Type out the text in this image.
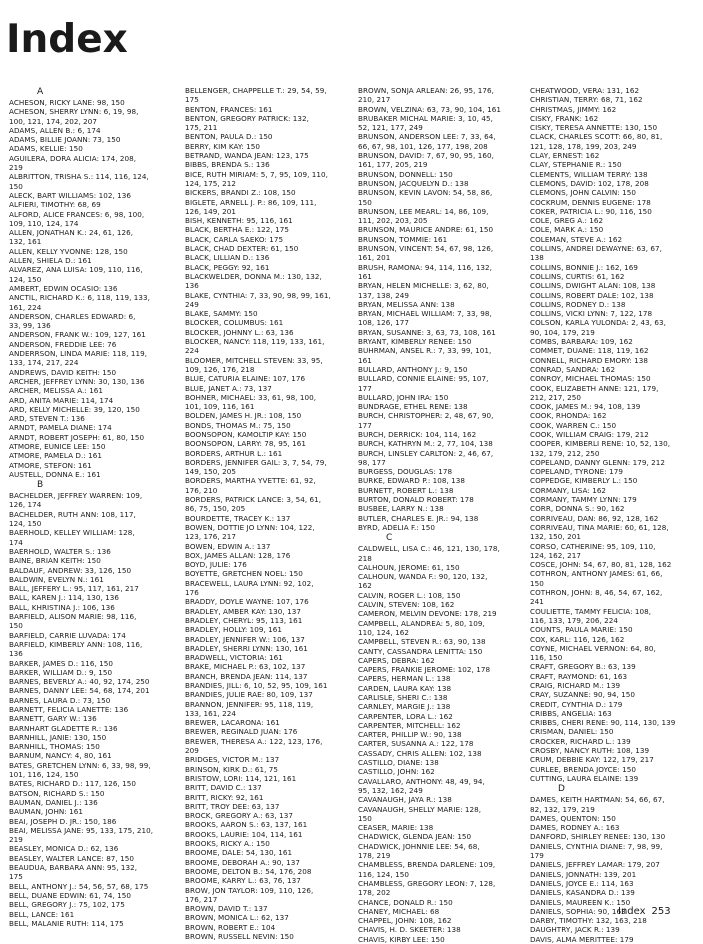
Index
A
ACHESON, RICKY LANE: 98, 150
ACHESON, SHERRY LYNN: 6, 19, 98,
100, 121, 174, 202, 207
ADAMS, ALLEN B.: 6, 174
ADAMS, BILLIE JOANN: 73, 150
ADAMS, KELLIE: 150
AGUILERA, DORA ALICIA: 174, 208,
219
ALBRITTON, TRISHA S.: 114, 116, 124,
150
ALECK, BART WILLIAMS: 102, 136
ALFIERI, TIMOTHY: 68, 69
ALFORD, ALICE FRANCES: 6, 98, 100,
109, 110, 124, 174
ALLEN, JONATHAN K.: 24, 61, 126,
132, 161
ALLEN, KELLY YVONNE: 128, 150
ALLEN, SHIELA D.: 161
ALVAREZ, ANA LUISA: 109, 110, 116,
124, 150
AMBERT, EDWIN OCASIO: 136
ANCTIL, RICHARD K.: 6, 118, 119, 133,
161, 224
ANDERSON, CHARLES EDWARD: 6,
33, 99, 136
ANDERSON, FRANK W.: 109, 127, 161
ANDERSON, FREDDIE LEE: 76
ANDERRSON, LINDA MARIE: 118, 119,
133, 174, 217, 224
ANDREWS, DAVID KEITH: 150
ARCHER, JEFFREY LYNN: 30, 130, 136
ARCHER, MELISSA A.: 161
ARD, ANITA MARIE: 114, 174
ARD, KELLY MICHELLE: 39, 120, 150
ARD, STEVEN T.: 136
ARNDT, PAMELA DIANE: 174
ARNDT, ROBERT JOSEPH: 61, 80, 150
ATMORE, EUNICE LEE: 150
ATMORE, PAMELA D.: 161
ATMORE, STEFON: 161
AUSTELL, DONNA E.: 161
B
BACHELDER, JEFFREY WARREN: 109,
126, 174
BACHELDER, RUTH ANN: 108, 117,
124, 150
BAERHOLD, KELLEY WILLIAM: 128,
174
BAERHOLD, WALTER S.: 136
BAINE, BRIAN KEITH: 150
BALDAUF, ANDREW: 33, 126, 150
BALDWIN, EVELYN N.: 161
BALL, JEFFERY L.: 95, 117, 161, 217
BALL, KAREN J.: 114, 130, 136
BALL, KHRISTINA J.: 106, 136
BARFIELD, ALISON MARIE: 98, 116,
150
BARFIELD, CARRIE LUVADA: 174
BARFIELD, KIMBERLY ANN: 108, 116,
136
BARKER, JAMES D.: 116, 150
BARKER, WILLIAM D.: 9, 150
BARNES, BEVERLY A.: 40, 92, 174, 250
BARNES, DANNY LEE: 54, 68, 174, 201
BARNES, LAURA D.: 73, 150
BARNETT, FELICIA LANETTE: 136
BARNETT, GARY W.: 136
BARNHART GLADETTE R.: 136
BARNHILL, JANIE: 130, 150
BARNHILL, THOMAS: 150
BARNUM, NANCY: 4, 80, 161
BATES, GRETCHEN LYNN: 6, 33, 98, 99,
101, 116, 124, 150
BATES, RICHARD D.: 117, 126, 150
BATSON, RICHARD S.: 150
BAUMAN, DANIEL J.: 136
BAUMAN, JOHN: 161
BEAI, JOSEPH D. JR.: 150, 186
BEAI, MELISSA JANE: 95, 133, 175, 210,
219
BEASLEY, MONICA D.: 62, 136
BEASLEY, WALTER LANCE: 87, 150
BEAUDUA, BARBARA ANN: 95, 132,
175
BELL, ANTHONY J.: 54, 56, 57, 68, 175
BELL, DUANE EDWIN: 61, 74, 150
BELL, GREGORY J.: 75, 102, 175
BELL, LANCE: 161
BELL, MALANIE RUTH: 114, 175
BELLENGER, CHAPPELLE T.: 29, 54, 59,
175
BENTON, FRANCES: 161
BENTON, GREGORY PATRICK: 132,
175, 211
BENTON, PAULA D.: 150
BERRY, KIM KAY: 150
BETRAND, WANDA JEAN: 123, 175
BIBBS, BRENDA S.: 136
BICE, RUTH MIRIAM: 5, 7, 95, 109, 110,
124, 175, 212
BICKERS, BRANDI Z.: 108, 150
BIGLETE, ARNELL J. P.: 86, 109, 111,
126, 149, 201
BISH, KENNETH: 95, 116, 161
BLACK, BERTHA E.: 122, 175
BLACK, CARLA SAEKO: 175
BLACK, CHAD DEXTER: 61, 150
BLACK, LILLIAN D.: 136
BLACK, PEGGY: 92, 161
BLACKWELDER, DONNA M.: 130, 132,
136
BLAKE, CYNTHIA: 7, 33, 90, 98, 99, 161,
249
BLAKE, SAMMY: 150
BLOCKER, COLUMBUS: 161
BLOCKER, JOHNNY L.: 63, 136
BLOCKER, NANCY: 118, 119, 133, 161,
224
BLOOMER, MITCHELL STEVEN: 33, 95,
109, 126, 176, 218
BLUE, CATURIA ELAINE: 107, 176
BLUE, JANET A.: 73, 137
BOHNER, MICHAEL: 33, 61, 98, 100,
101, 109, 116, 161
BOLDEN, JAMES H. JR.: 108, 150
BONDS, THOMAS M.: 75, 150
BOONSOPON, KAMOLTIP KAY: 150
BOONSOPON, LARRY: 78, 95, 161
BORDERS, ARTHUR L.: 161
BORDERS, JENNIFER GAIL: 3, 7, 54, 79,
149, 150, 205
BORDERS, MARTHA YVETTE: 61, 92,
176, 210
BORDERS, PATRICK LANCE: 3, 54, 61,
86, 75, 150, 205
BOURDETTE, TRACEY K.: 137
BOWEN, DOTTIE JO LYNN: 104, 122,
123, 176, 217
BOWEN, EDWIN A.: 137
BOX, JAMES ALLAN: 128, 176
BOYD, JULIE: 176
BOYETTE, GRETCHEN NOEL: 150
BRACEWELL, LAURA LYNN: 92, 102,
176
BRADDY, DOYLE WAYNE: 107, 176
BRADLEY, AMBER KAY: 130, 137
BRADLEY, CHERYL: 95, 113, 161
BRADLEY, HOLLY: 109, 161
BRADLEY, JENNIFER W.: 106, 137
BRADLEY, SHERRI LYNN: 130, 161
BRADWELL, VICTORIA: 161
BRAKE, MICHAEL P.: 63, 102, 137
BRANCH, BRENDA JEAN: 114, 137
BRANDIES, JILL: 6, 10, 52, 95, 109, 161
BRANDIES, JULIE RAE: 80, 109, 137
BRANNON, JENNIFER: 95, 118, 119,
133, 161, 224
BREWER, LACARONA: 161
BREWER, REGINALD JUAN: 176
BREWER, THERESA A.: 122, 123, 176,
209
BRIDGES, VICTOR M.: 137
BRINSON, KIRK D.: 61, 75
BRISTOW, LORI: 114, 121, 161
BRITT, DAVID C.: 137
BRITT, RICKY: 92, 161
BRITT, TROY DEE: 63, 137
BROCK, GREGORY A.: 63, 137
BROOKS, AARON S.: 63, 137, 161
BROOKS, LAURIE: 104, 114, 161
BROOKS, RICKY A.: 150
BROOME, DALE: 54, 130, 161
BROOME, DEBORAH A.: 90, 137
BROOME, DELTON B.: 54, 176, 208
BROOME, KARRY L.: 63, 76, 137
BROW, JON TAYLOR: 109, 110, 126,
176, 217
BROWN, DAVID T.: 137
BROWN, MONICA L.: 62, 137
BROWN, ROBERT E.: 104
BROWN, RUSSELL NEVIN: 150
BROWN, SONJA ARLEAN: 26, 95, 176,
210, 217
BROWN, VELZINA: 63, 73, 90, 104, 161
BRUBAKER MICHAL MARIE: 3, 10, 45,
52, 121, 177, 249
BRUNSON, ANDERSON LEE: 7, 33, 64,
66, 67, 98, 101, 126, 177, 198, 208
BRUNSON, DAVID: 7, 67, 90, 95, 160,
161, 177, 205, 219
BRUNSON, DONNELL: 150
BRUNSON, JACQUELYN D.: 138
BRUNSON, KEVIN LAVON: 54, 58, 86,
150
BRUNSON, LEE MEARL: 14, 86, 109,
111, 202, 203, 205
BRUNSON, MAURICE ANDRE: 61, 150
BRUNSON, TOMMIE: 161
BRUNSON, VINCENT: 54, 67, 98, 126,
161, 201
BRUSH, RAMONA: 94, 114, 116, 132,
161
BRYAN, HELEN MICHELLE: 3, 62, 80,
137, 138, 249
BRYAN, MELISSA ANN: 138
BRYAN, MICHAEL WILLIAM: 7, 33, 98,
108, 126, 177
BRYAN, SUSANNE: 3, 63, 73, 108, 161
BRYANT, KIMBERLY RENEE: 150
BUHRMAN, ANSEL R.: 7, 33, 99, 101,
161
BULLARD, ANTHONY J.: 9, 150
BULLARD, CONNIE ELAINE: 95, 107,
177
BULLARD, JOHN IRA: 150
BUNDRAGE, ETHEL RENE: 138
BURCH, CHRISTOPHER: 2, 48, 67, 90,
177
BURCH, DERRICK: 104, 114, 162
BURCH, KATHRYN M.: 2, 77, 104, 138
BURCH, LINSLEY CARLTON: 2, 46, 67,
98, 177
BURGESS, DOUGLAS: 178
BURKE, EDWARD P.: 108, 138
BURNETT, ROBERT L.: 138
BURTON, DONALD ROBERT: 178
BUSBEE, LARRY N.: 138
BUTLER, CHARLES E. JR.: 94, 138
BYRD, ADELIA F.: 150
C
CALDWELL, LISA C.: 46, 121, 130, 178,
218
CALHOUN, JEROME: 61, 150
CALHOUN, WANDA F.: 90, 120, 132,
162
CALVIN, ROGER L.: 108, 150
CALVIN, STEVEN: 108, 162
CAMERON, MELVIN DEVONE: 178, 219
CAMPBELL, ALANDREA: 5, 80, 109,
110, 124, 162
CAMPBELL, STEVEN R.: 63, 90, 138
CANTY, CASSANDRA LENITTA: 150
CAPERS, DEBRA: 162
CAPERS, FRANKIE JEROME: 102, 178
CAPERS, HERMAN L.: 138
CARDEN, LAURA KAY: 138
CARLISLE, SHERI C.: 138
CARNLEY, MARGIE J.: 138
CARPENTER, LORA L.: 162
CARPENTER, MITCHELL: 162
CARTER, PHILLIP W.: 90, 138
CARTER, SUSANNA A.: 122, 178
CASSADY, CHRIS ALLEN: 102, 138
CASTILLO, DIANE: 138
CASTILLO, JOHN: 162
CAVALLARO, ANTHONY: 48, 49, 94,
95, 132, 162, 249
CAVANAUGH, JAYA R.: 138
CAVANAUGH, SHELLY MARIE: 128,
150
CEASER, MARIE: 138
CHADWICK, GLENDA JEAN: 150
CHADWICK, JOHNNIE LEE: 54, 68,
178, 219
CHAMBLESS, BRENDA DARLENE: 109,
116, 124, 150
CHAMBLESS, GREGORY LEON: 7, 128,
178, 202
CHANCE, DONALD R.: 150
CHANEY, MICHAEL: 68
CHAPPEL, JOHN: 108, 162
CHAVIS, H. D. SKEETER: 138
CHAVIS, KIRBY LEE: 150
CHEATWOOD, VERA: 131, 162
CHRISTIAN, TERRY: 68, 71, 162
CHRISTMAS, JIMMY: 162
CISKY, FRANK: 162
CISKY, TERESA ANNETTE: 130, 150
CLACK, CHARLES SCOTT: 66, 80, 81,
121, 128, 178, 199, 203, 249
CLAY, ERNEST: 162
CLAY, STEPHANIE R.: 150
CLEMENTS, WILLIAM TERRY: 138
CLEMONS, DAVID: 102, 178, 208
CLEMONS, JOHN CALVIN: 150
COCKRUM, DENNIS EUGENE: 178
COKER, PATRICIA L.: 90, 116, 150
COLE, GREG A.: 162
COLE, MARK A.: 150
COLEMAN, STEVE A.: 162
COLLINS, ANDREI DEWAYNE: 63, 67,
138
COLLINS, BONNIE J.: 162, 169
COLLINS, CURTIS: 61, 162
COLLINS, DWIGHT ALAN: 108, 138
COLLINS, ROBERT DALE: 102, 138
COLLINS, RODNEY D.: 138
COLLINS, VICKI LYNN: 7, 122, 178
COLSON, KARLA YULONDA: 2, 43, 63,
90, 104, 179, 219
COMBS, BARBARA: 109, 162
COMMET, DUANE: 118, 119, 162
CONNELL, RICHARD EMORY: 138
CONRAD, SANDRA: 162
CONROY, MICHAEL THOMAS: 150
COOK, ELIZABETH ANNE: 121, 179,
212, 217, 250
COOK, JAMES M.: 94, 108, 139
COOK, RHONDA: 162
COOK, WARREN C.: 150
COOK, WILLIAM CRAIG: 179, 212
COOPER, KIMBERLI RENE: 10, 52, 130,
132, 179, 212, 250
COPELAND, DANNY GLENN: 179, 212
COPELAND, TYRONE: 179
COPPEDGE, KIMBERLY L.: 150
CORMANY, LISA: 162
CORMANY, TAMMY LYNN: 179
CORR, DONNA S.: 90, 162
CORRIVEAU, DAN: 86, 92, 128, 162
CORRIVEAU, TINA MARIE: 60, 61, 128,
132, 150, 201
CORSO, CATHERINE: 95, 109, 110,
124, 162, 217
COSCE, JOHN: 54, 67, 80, 81, 128, 162
COTHRON, ANTHONY JAMES: 61, 66,
150
COTHRON, JOHN: 8, 46, 54, 67, 162,
241
COULIETTE, TAMMY FELICIA: 108,
116, 133, 179, 206, 224
COUNTS, PAULA MARIE: 150
COX, KARL: 116, 126, 162
COYNE, MICHAEL VERNON: 64, 80,
116, 150
CRAFT, GREGORY B.: 63, 139
CRAFT, RAYMOND: 61, 163
CRAIG, RICHARD M.: 139
CRAY, SUZANNE: 90, 94, 150
CREDIT, CYNTHIA D.: 179
CRIBBS, ANGELIA: 163
CRIBBS, CHERI RENE: 90, 114, 130, 139
CRISMAN, DANIEL: 150
CROCKER, RICHARD L.: 139
CROSBY, NANCY RUTH: 108, 139
CRUM, DEBBIE KAY: 122, 179, 217
CURLEE, BRENDA JOYCE: 150
CUTTING, LAURA ELAINE: 139
D
DAMES, KEITH HARTMAN: 54, 66, 67,
82, 132, 179, 219
DAMES, QUENTON: 150
DAMES, RODNEY A.: 163
DANFORD, SHIRLEY RENEE: 130, 130
DANIELS, CYNTHIA DIANE: 7, 98, 99,
179
DANIELS, JEFFREY LAMAR: 179, 207
DANIELS, JONNATH: 139, 201
DANIELS, JOYCE E.: 114, 163
DANIELS, KASANDRA D.: 139
DANIELS, MAUREEN K.: 150
DANIELS, SOPHIA: 90, 163
DARBY, TIMOTHY: 132, 163, 218
DAUGHTRY, JACK R.: 139
DAVIS, ALMA MERITTEE: 179
Index 253
